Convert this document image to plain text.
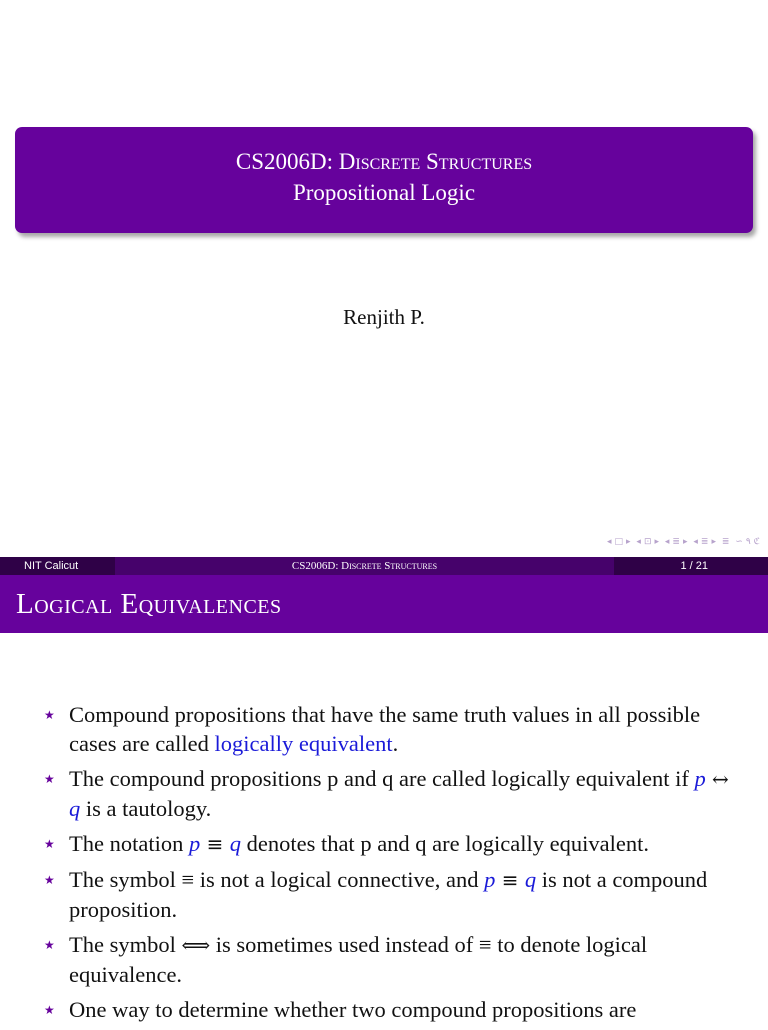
CS2006D: Discrete Structures
Propositional Logic
Renjith P.
◂ □ ▸ ◂ ⊡ ▸ ◂ ≣ ▸ ◂ ≣ ▸ ≣ ∽ ۹ ℭ
NIT Calicut	CS2006D: Discrete Structures	1 / 21
Logical Equivalences
★ Compound propositions that have the same truth values in all possible cases are called logically equivalent.
★ The compound propositions p and q are called logically equivalent if p ↔ q is a tautology.
★ The notation p ≡ q denotes that p and q are logically equivalent.
★ The symbol ≡ is not a logical connective, and p ≡ q is not a compound proposition.
★ The symbol ⟺ is sometimes used instead of ≡ to denote logical equivalence.
★ One way to determine whether two compound propositions are
